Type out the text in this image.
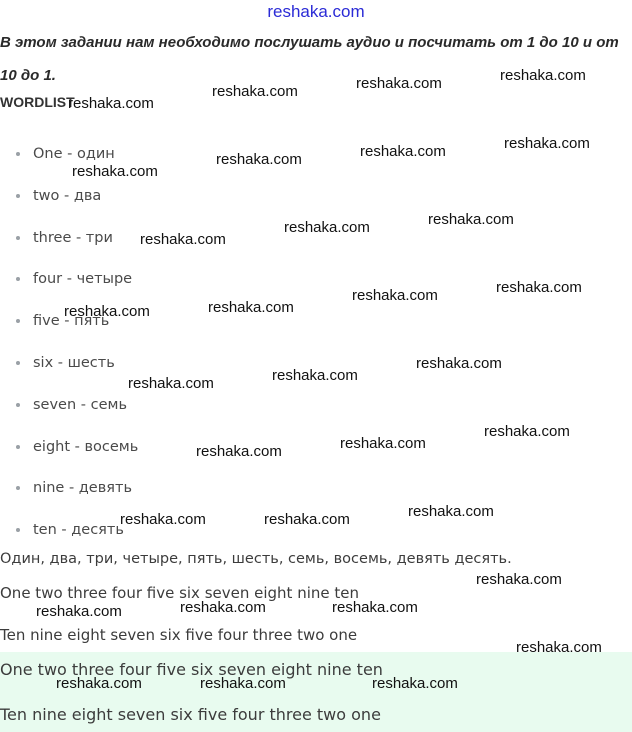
reshaka.com
В этом задании нам необходимо послушать аудио и посчитать от 1 до 10 и от 10 до 1.
WORDLIST
One - один
two - два
three - три
four - четыре
five - пять
six - шесть
seven - семь
eight - восемь
nine - девять
ten - десять
Один, два, три, четыре, пять, шесть, семь, восемь, девять десять.
One two three four five six seven eight nine ten
Ten nine eight seven six five four three two one
One two three four five six seven eight nine ten
Ten nine eight seven six five four three two one
reshaka.com
reshaka.com	reshaka.com	reshaka.com
reshaka.com
reshaka.com	reshaka.com	reshaka.com
reshaka.com
reshaka.com	reshaka.com
reshaka.com	reshaka.com
reshaka.com	reshaka.com
reshaka.com	reshaka.com
reshaka.com
reshaka.com	reshaka.com
reshaka.com
reshaka.com	reshaka.com	reshaka.com
reshaka.com
reshaka.com	reshaka.com	reshaka.com
reshaka.com
reshaka.com	reshaka.com	reshaka.com
